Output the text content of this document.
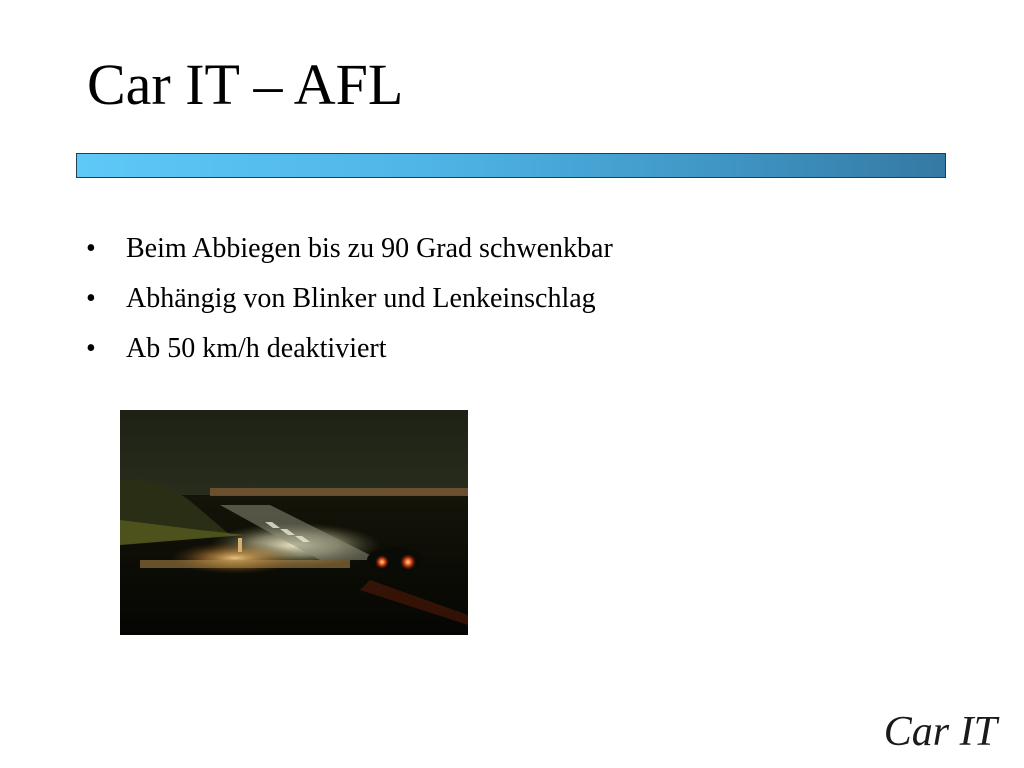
Car IT – AFL
•	Beim Abbiegen bis zu 90 Grad schwenkbar
•	Abhängig von Blinker und Lenkeinschlag
•	Ab 50 km/h deaktiviert
Car IT
